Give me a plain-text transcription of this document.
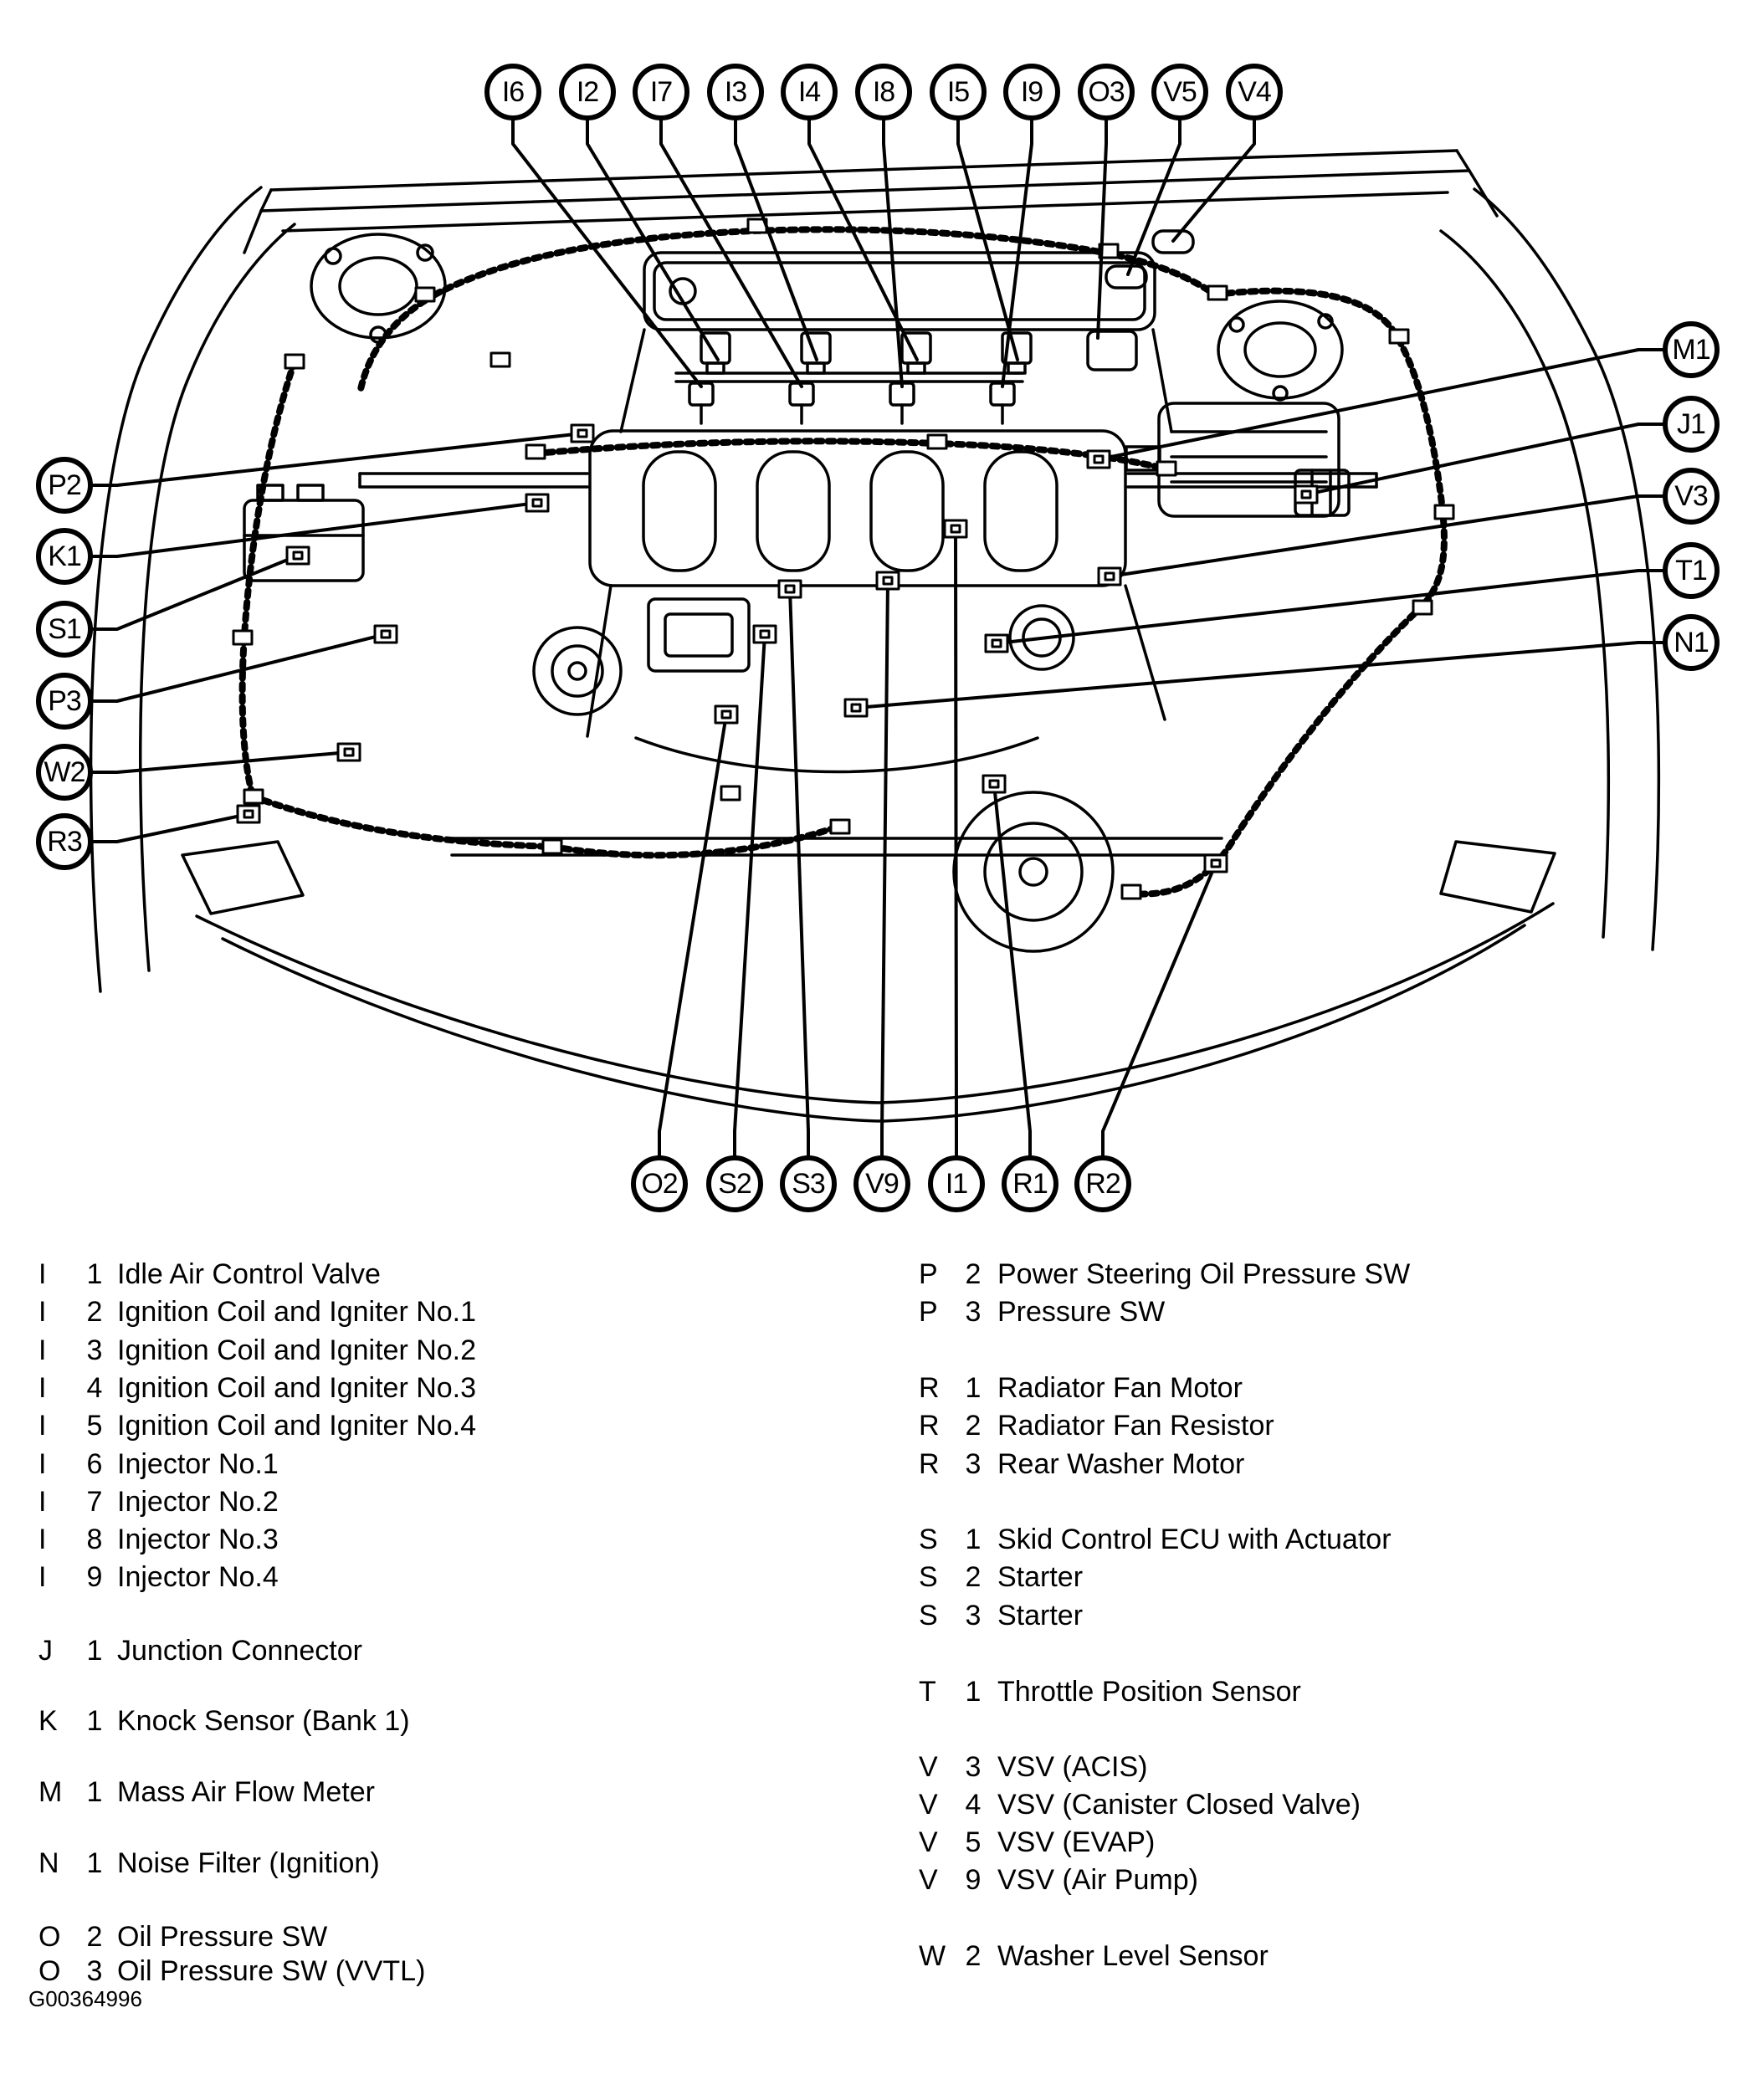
I6 I2 I7 I3 I4 I8 I5 I9 O3 V5 V4
O2 S2 S3 V9 I1 R1 R2
P2
K1
S1
P3
W2
R3
M1
J1
V3
T1
N1
I 1 Idle Air Control Valve
I 2 Ignition Coil and Igniter No.1
I 3 Ignition Coil and Igniter No.2
I 4 Ignition Coil and Igniter No.3
I 5 Ignition Coil and Igniter No.4
I 6 Injector No.1
I 7 Injector No.2
I 8 Injector No.3
I 9 Injector No.4
J 1 Junction Connector
K 1 Knock Sensor (Bank 1)
M 1 Mass Air Flow Meter
N 1 Noise Filter (Ignition)
O 2 Oil Pressure SW
O 3 Oil Pressure SW (VVTL)
P 2 Power Steering Oil Pressure SW
P 3 Pressure SW
R 1 Radiator Fan Motor
R 2 Radiator Fan Resistor
R 3 Rear Washer Motor
S 1 Skid Control ECU with Actuator
S 2 Starter
S 3 Starter
T 1 Throttle Position Sensor
V 3 VSV (ACIS)
V 4 VSV (Canister Closed Valve)
V 5 VSV (EVAP)
V 9 VSV (Air Pump)
W 2 Washer Level Sensor
G00364996
